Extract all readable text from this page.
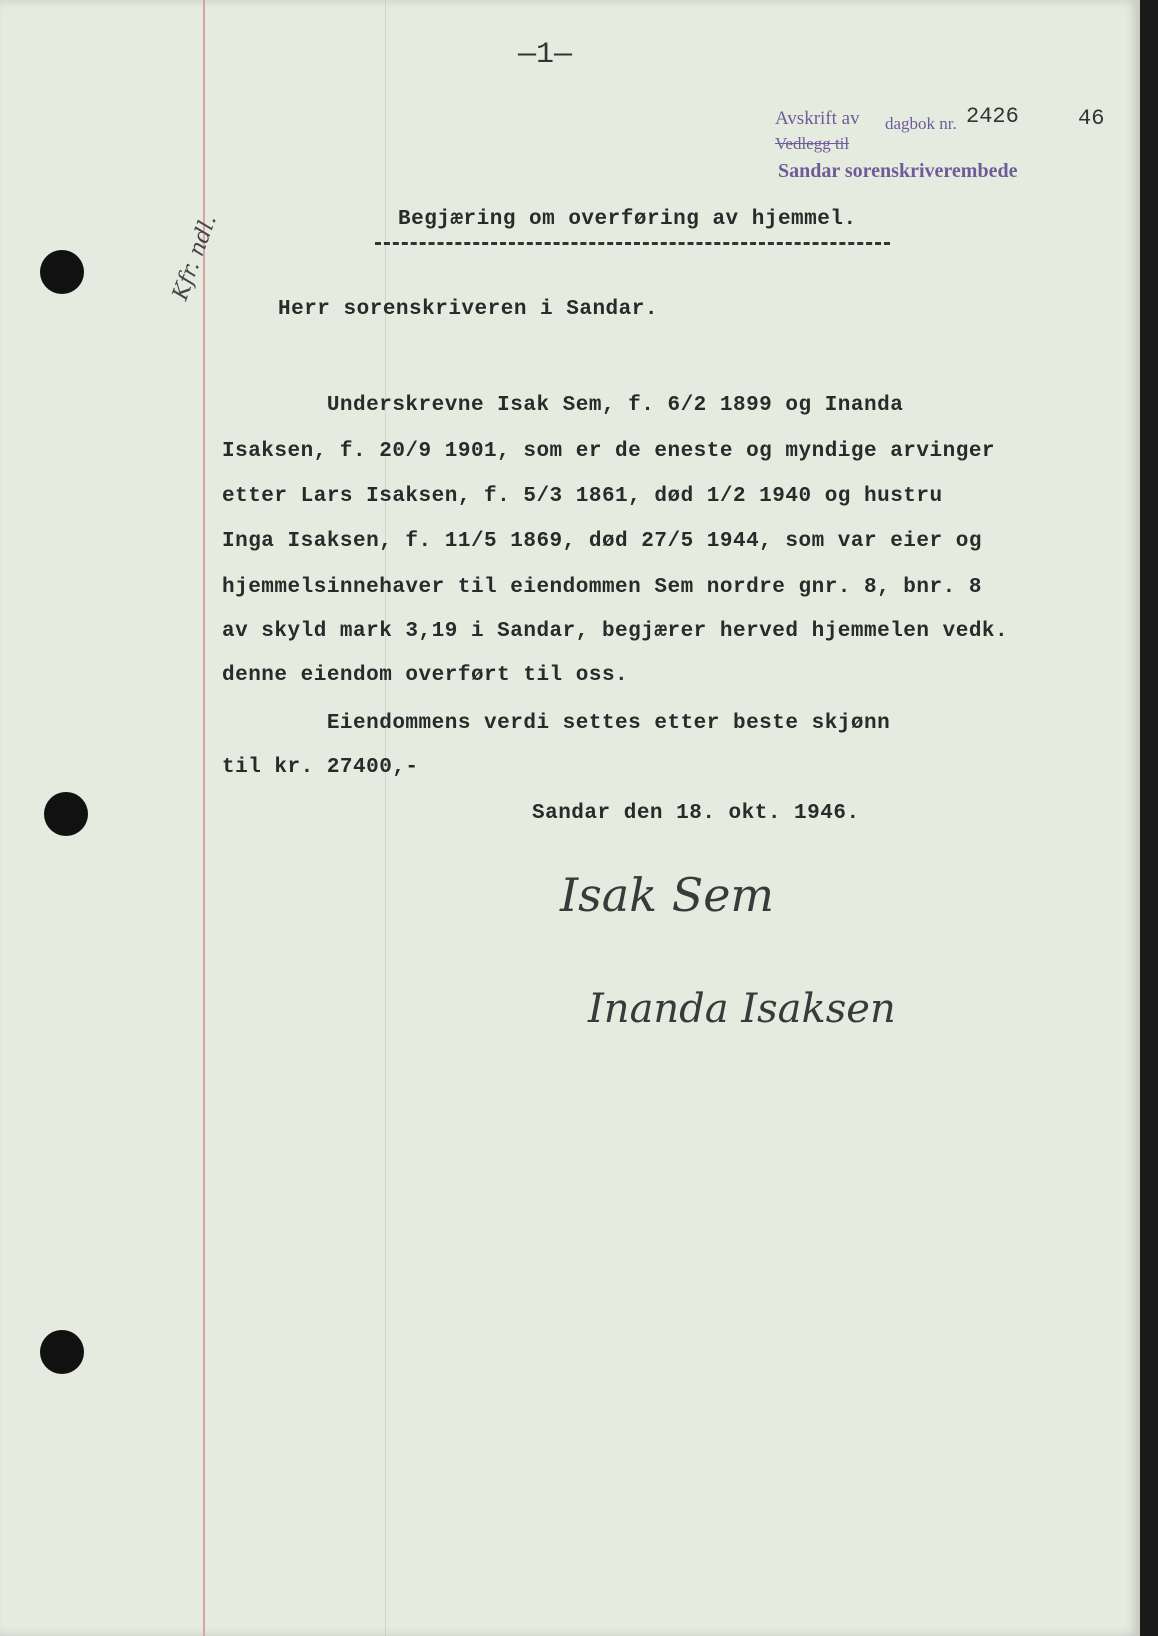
—1—
Avskrift av dagbok nr. 2426	46
Vedlegg til
Sandar sorenskriverembede
Kfr. ndl.	Begjæring om overføring av hjemmel.
Herr sorenskriveren i Sandar.
Underskrevne Isak Sem, f. 6/2 1899 og Inanda
Isaksen, f. 20/9 1901, som er de eneste og myndige arvinger
etter Lars Isaksen, f. 5/3 1861, død 1/2 1940 og hustru
Inga Isaksen, f. 11/5 1869, død 27/5 1944, som var eier og
hjemmelsinnehaver til eiendommen Sem nordre gnr. 8, bnr. 8
av skyld mark 3,19 i Sandar, begjærer herved hjemmelen vedk.
denne eiendom overført til oss.
Eiendommens verdi settes etter beste skjønn
til kr. 27400,-
Sandar den 18. okt. 1946.
Isak Sem
Inanda Isaksen
